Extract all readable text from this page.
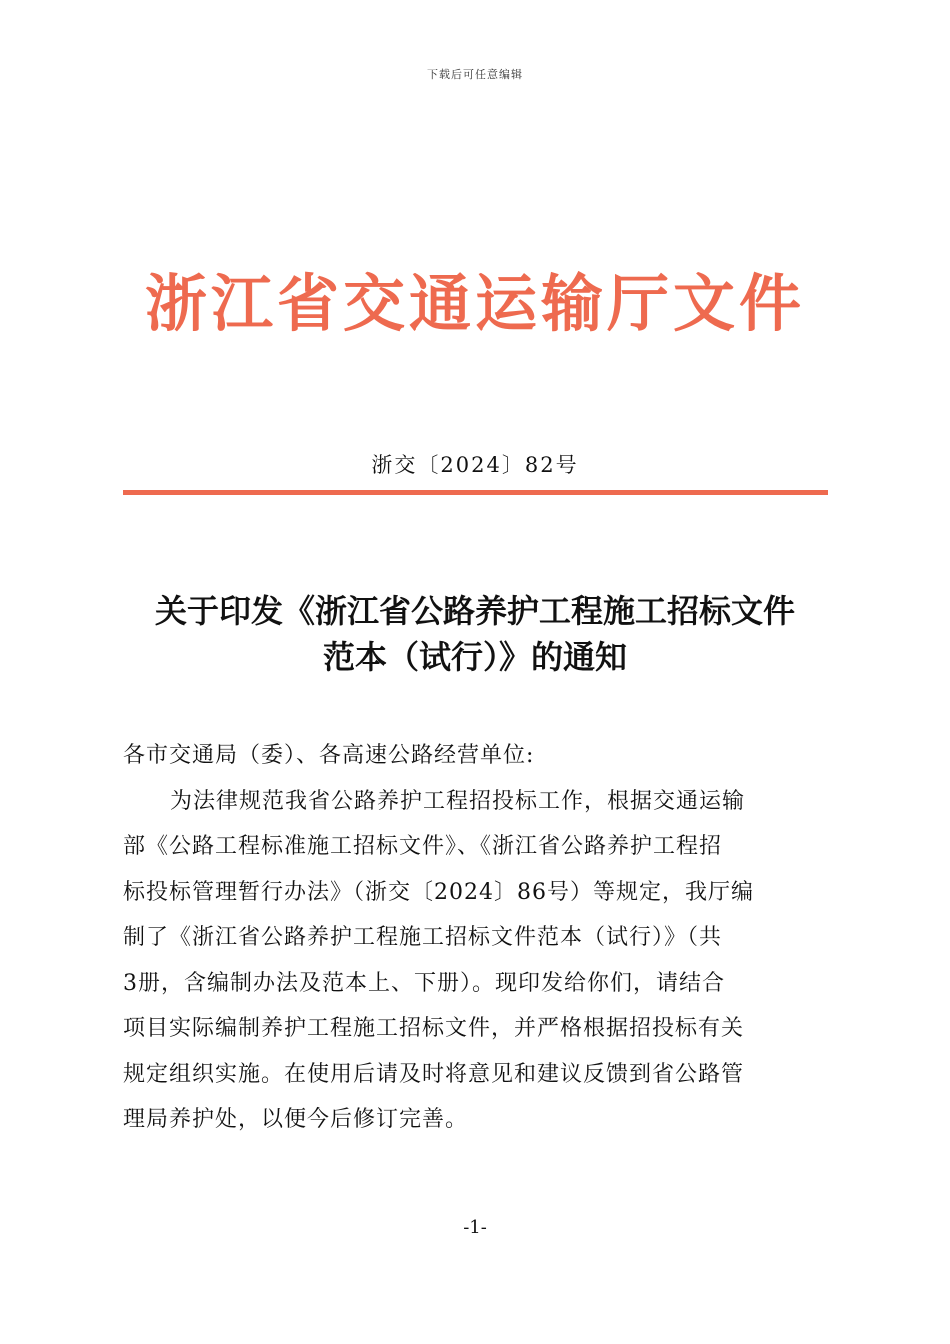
下载后可任意编辑
浙江省交通运输厅文件
浙交〔2024〕82号
关于印发《浙江省公路养护工程施工招标文件
范本（试行）》的通知
各市交通局（委）、各高速公路经营单位:
为法律规范我省公路养护工程招投标工作，根据交通运输
部《公路工程标准施工招标文件》、《浙江省公路养护工程招
标投标管理暂行办法》（浙交〔2024〕86号）等规定，我厅编
制了《浙江省公路养护工程施工招标文件范本（试行）》（共
3册，含编制办法及范本上、下册）。现印发给你们，请结合
项目实际编制养护工程施工招标文件，并严格根据招投标有关
规定组织实施。在使用后请及时将意见和建议反馈到省公路管
理局养护处，以便今后修订完善。
-1-
